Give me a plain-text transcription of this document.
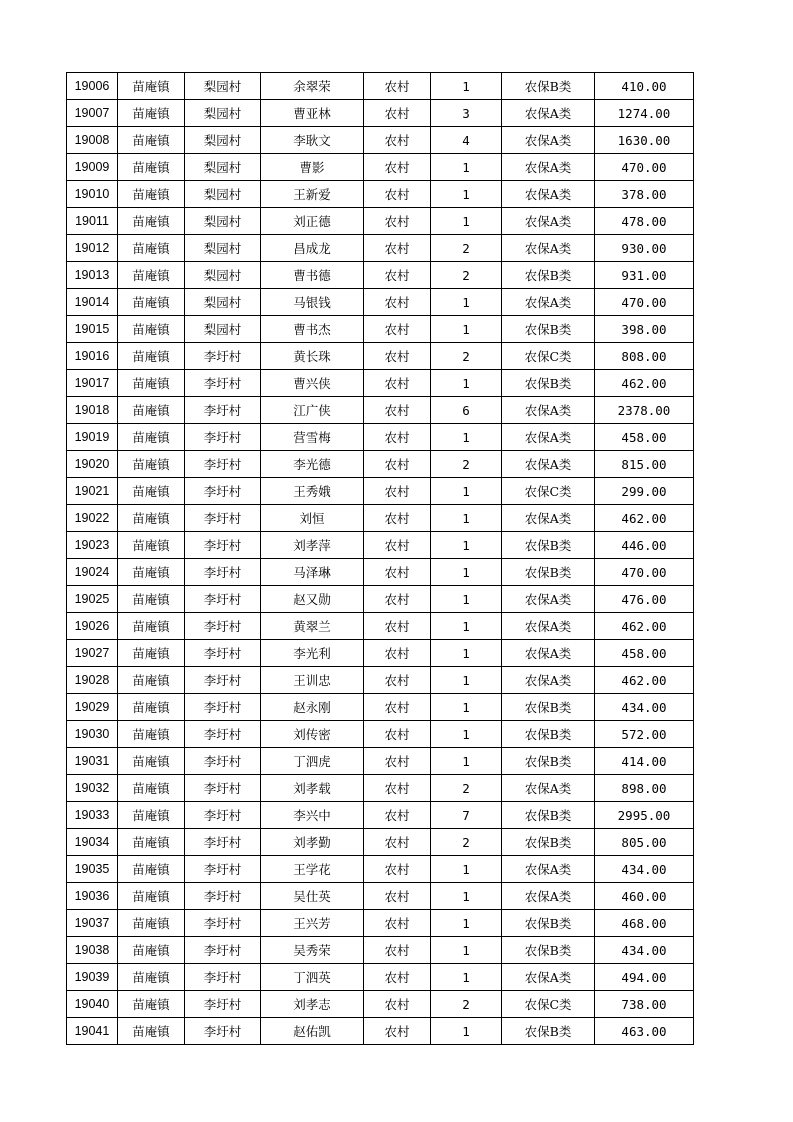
19006	苗庵镇	梨园村	余翠荣	农村	1	农保B类	410.00
19007	苗庵镇	梨园村	曹亚林	农村	3	农保A类	1274.00
19008	苗庵镇	梨园村	李耿文	农村	4	农保A类	1630.00
19009	苗庵镇	梨园村	曹影	农村	1	农保A类	470.00
19010	苗庵镇	梨园村	王新爱	农村	1	农保A类	378.00
19011	苗庵镇	梨园村	刘正德	农村	1	农保A类	478.00
19012	苗庵镇	梨园村	昌成龙	农村	2	农保A类	930.00
19013	苗庵镇	梨园村	曹书德	农村	2	农保B类	931.00
19014	苗庵镇	梨园村	马银钱	农村	1	农保A类	470.00
19015	苗庵镇	梨园村	曹书杰	农村	1	农保B类	398.00
19016	苗庵镇	李圩村	黄长珠	农村	2	农保C类	808.00
19017	苗庵镇	李圩村	曹兴侠	农村	1	农保B类	462.00
19018	苗庵镇	李圩村	江广侠	农村	6	农保A类	2378.00
19019	苗庵镇	李圩村	营雪梅	农村	1	农保A类	458.00
19020	苗庵镇	李圩村	李光德	农村	2	农保A类	815.00
19021	苗庵镇	李圩村	王秀娥	农村	1	农保C类	299.00
19022	苗庵镇	李圩村	刘恒	农村	1	农保A类	462.00
19023	苗庵镇	李圩村	刘孝萍	农村	1	农保B类	446.00
19024	苗庵镇	李圩村	马泽琳	农村	1	农保B类	470.00
19025	苗庵镇	李圩村	赵又勋	农村	1	农保A类	476.00
19026	苗庵镇	李圩村	黄翠兰	农村	1	农保A类	462.00
19027	苗庵镇	李圩村	李光利	农村	1	农保A类	458.00
19028	苗庵镇	李圩村	王训忠	农村	1	农保A类	462.00
19029	苗庵镇	李圩村	赵永刚	农村	1	农保B类	434.00
19030	苗庵镇	李圩村	刘传密	农村	1	农保B类	572.00
19031	苗庵镇	李圩村	丁泗虎	农村	1	农保B类	414.00
19032	苗庵镇	李圩村	刘孝载	农村	2	农保A类	898.00
19033	苗庵镇	李圩村	李兴中	农村	7	农保B类	2995.00
19034	苗庵镇	李圩村	刘孝勤	农村	2	农保B类	805.00
19035	苗庵镇	李圩村	王学花	农村	1	农保A类	434.00
19036	苗庵镇	李圩村	吴仕英	农村	1	农保A类	460.00
19037	苗庵镇	李圩村	王兴芳	农村	1	农保B类	468.00
19038	苗庵镇	李圩村	吴秀荣	农村	1	农保B类	434.00
19039	苗庵镇	李圩村	丁泗英	农村	1	农保A类	494.00
19040	苗庵镇	李圩村	刘孝志	农村	2	农保C类	738.00
19041	苗庵镇	李圩村	赵佑凯	农村	1	农保B类	463.00
